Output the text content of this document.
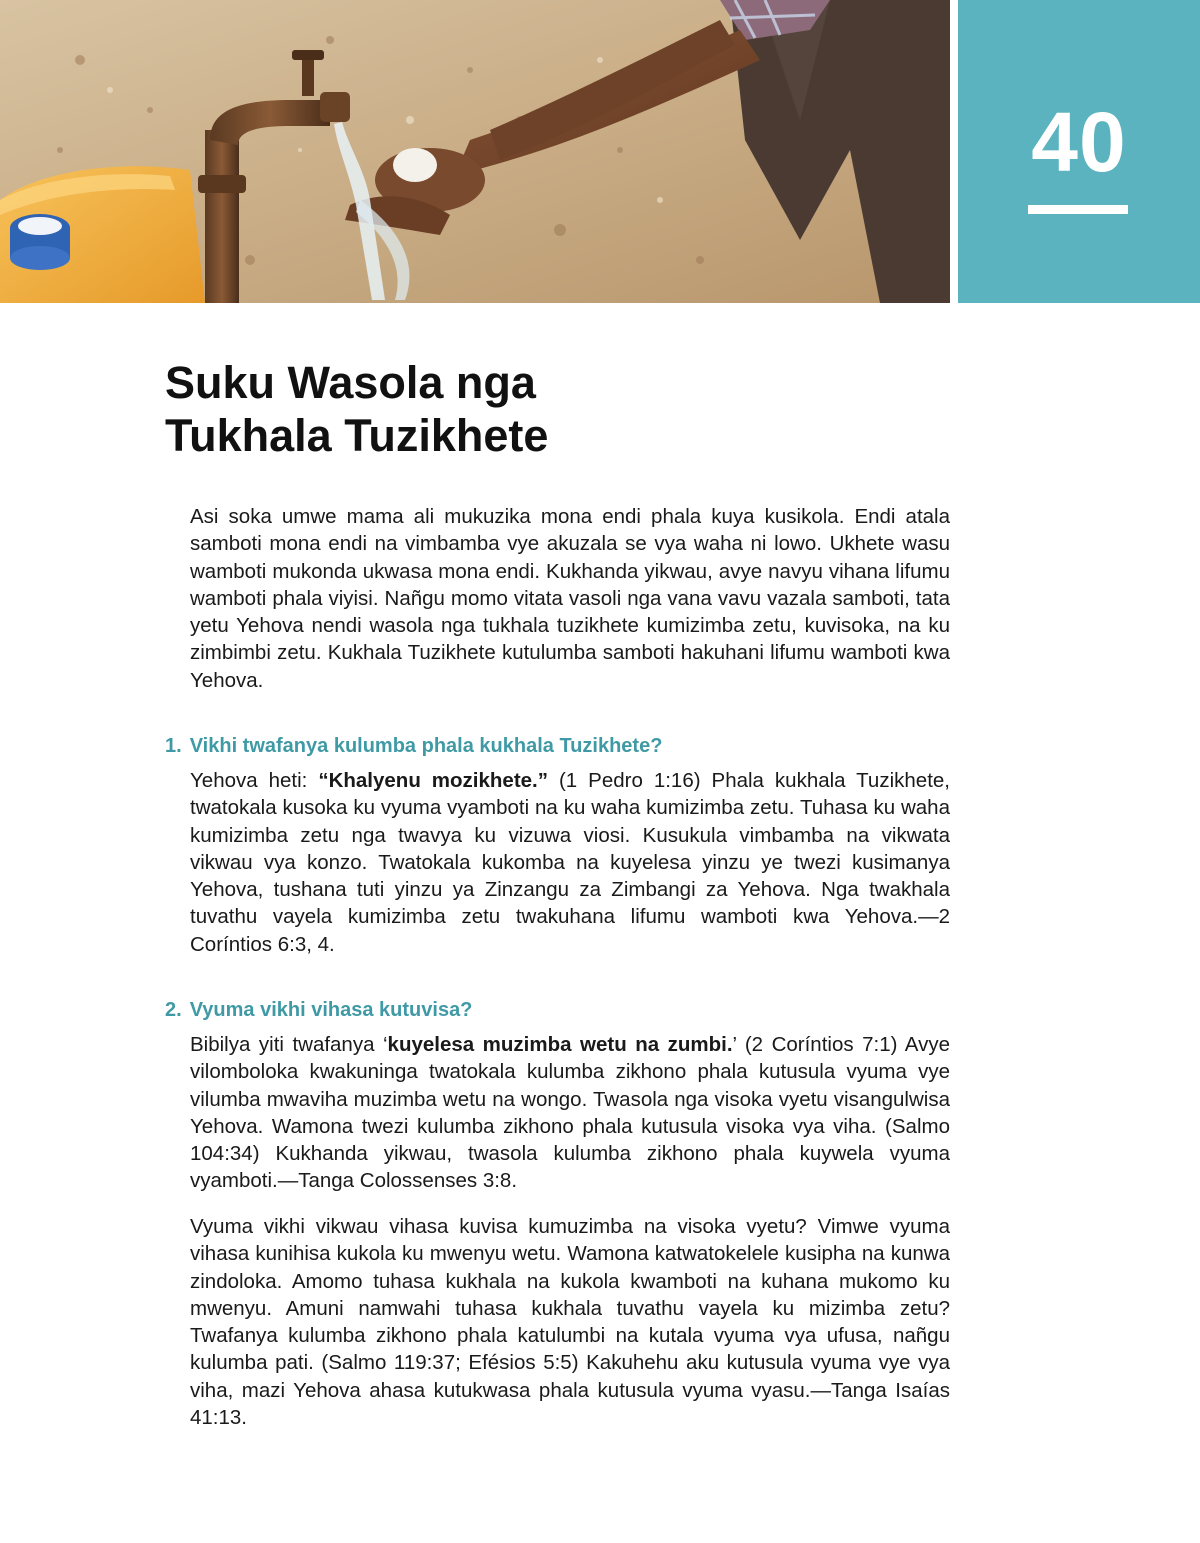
40
Suku Wasola nga
Tukhala Tuzikhete

Asi soka umwe mama ali mukuzika mona endi phala kuya kusikola. Endi atala samboti mona endi na vimbamba vye akuzala se vya waha ni lowo. Ukhete wasu wamboti mukonda ukwasa mona endi. Kukhanda yikwau, avye navyu vihana lifumu wamboti phala viyisi. Nañgu momo vitata vasoli nga vana vavu vazala samboti, tata yetu Yehova nendi wasola nga tukhala tuzikhete kumizimba zetu, kuvisoka, na ku zimbimbi zetu. Kukhala Tuzikhete kutulumba samboti hakuhani lifumu wamboti kwa Yehova.

1. Vikhi twafanya kulumba phala kukhala Tuzikhete?

Yehova heti: “Khalyenu mozikhete.” (1 Pedro 1:16) Phala kukhala Tuzikhete, twatokala kusoka ku vyuma vyamboti na ku waha kumizimba zetu. Tuhasa ku waha kumizimba zetu nga twavya ku vizuwa viosi. Kusukula vimbamba na vikwata vikwau vya konzo. Twatokala kukomba na kuyelesa yinzu ye twezi kusimanya Yehova, tushana tuti yinzu ya Zinzangu za Zimbangi za Yehova. Nga twakhala tuvathu vayela kumizimba zetu twakuhana lifumu wamboti kwa Yehova.—2 Coríntios 6:3, 4.

2. Vyuma vikhi vihasa kutuvisa?

Bibilya yiti twafanya ‘kuyelesa muzimba wetu na zumbi.’ (2 Coríntios 7:1) Avye vilomboloka kwakuninga twatokala kulumba zikhono phala kutusula vyuma vye vilumba mwaviha muzimba wetu na wongo. Twasola nga visoka vyetu visangulwisa Yehova. Wamona twezi kulumba zikhono phala kutusula visoka vya viha. (Salmo 104:34) Kukhanda yikwau, twasola kulumba zikhono phala kuywela vyuma vyamboti.—Tanga Colossenses 3:8.

Vyuma vikhi vikwau vihasa kuvisa kumuzimba na visoka vyetu? Vimwe vyuma vihasa kunihisa kukola ku mwenyu wetu. Wamona katwatokelele kusipha na kunwa zindoloka. Amomo tuhasa kukhala na kukola kwamboti na kuhana mukomo ku mwenyu. Amuni namwahi tuhasa kukhala tuvathu vayela ku mizimba zetu? Twafanya kulumba zikhono phala katulumbi na kutala vyuma vya ufusa, nañgu kulumba pati. (Salmo 119:37; Efésios 5:5) Kakuhehu aku kutusula vyuma vye vya viha, mazi Yehova ahasa kutukwasa phala kutusula vyuma vyasu.—Tanga Isaías 41:13.
